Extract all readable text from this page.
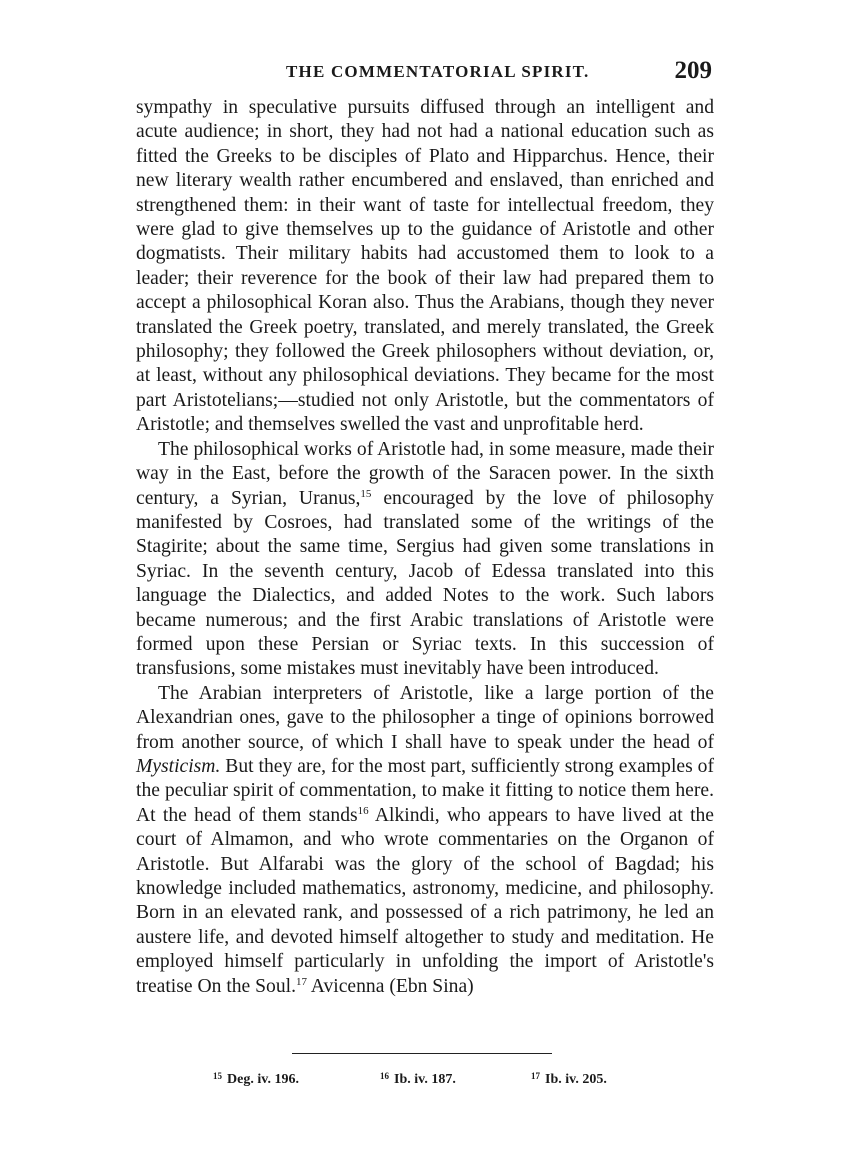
THE COMMENTATORIAL SPIRIT.	209

sympathy in speculative pursuits diffused through an intelligent and acute audience; in short, they had not had a national education such as fitted the Greeks to be disciples of Plato and Hipparchus. Hence, their new literary wealth rather encumbered and enslaved, than enriched and strengthened them: in their want of taste for intellectual freedom, they were glad to give themselves up to the guidance of Aristotle and other dogmatists. Their military habits had accustomed them to look to a leader; their reverence for the book of their law had prepared them to accept a philosophical Koran also. Thus the Arabians, though they never translated the Greek poetry, translated, and merely translated, the Greek philosophy; they followed the Greek philosophers without deviation, or, at least, without any philosophical deviations. They became for the most part Aristotelians;—studied not only Aristotle, but the commentators of Aristotle; and themselves swelled the vast and unprofitable herd.

The philosophical works of Aristotle had, in some measure, made their way in the East, before the growth of the Saracen power. In the sixth century, a Syrian, Uranus,$^{15}$ encouraged by the love of philosophy manifested by Cosroes, had translated some of the writings of the Stagirite; about the same time, Sergius had given some translations in Syriac. In the seventh century, Jacob of Edessa translated into this language the Dialectics, and added Notes to the work. Such labors became numerous; and the first Arabic translations of Aristotle were formed upon these Persian or Syriac texts. In this succession of transfusions, some mistakes must inevitably have been introduced.

The Arabian interpreters of Aristotle, like a large portion of the Alexandrian ones, gave to the philosopher a tinge of opinions borrowed from another source, of which I shall have to speak under the head of Mysticism. But they are, for the most part, sufficiently strong examples of the peculiar spirit of commentation, to make it fitting to notice them here. At the head of them stands$^{16}$ Alkindi, who appears to have lived at the court of Almamon, and who wrote commentaries on the Organon of Aristotle. But Alfarabi was the glory of the school of Bagdad; his knowledge included mathematics, astronomy, medicine, and philosophy. Born in an elevated rank, and possessed of a rich patrimony, he led an austere life, and devoted himself altogether to study and meditation. He employed himself particularly in unfolding the import of Aristotle's treatise On the Soul.$^{17}$ Avicenna (Ebn Sina)

$^{15}$ Deg. iv. 196.	$^{16}$ Ib. iv. 187.	$^{17}$ Ib. iv. 205.
